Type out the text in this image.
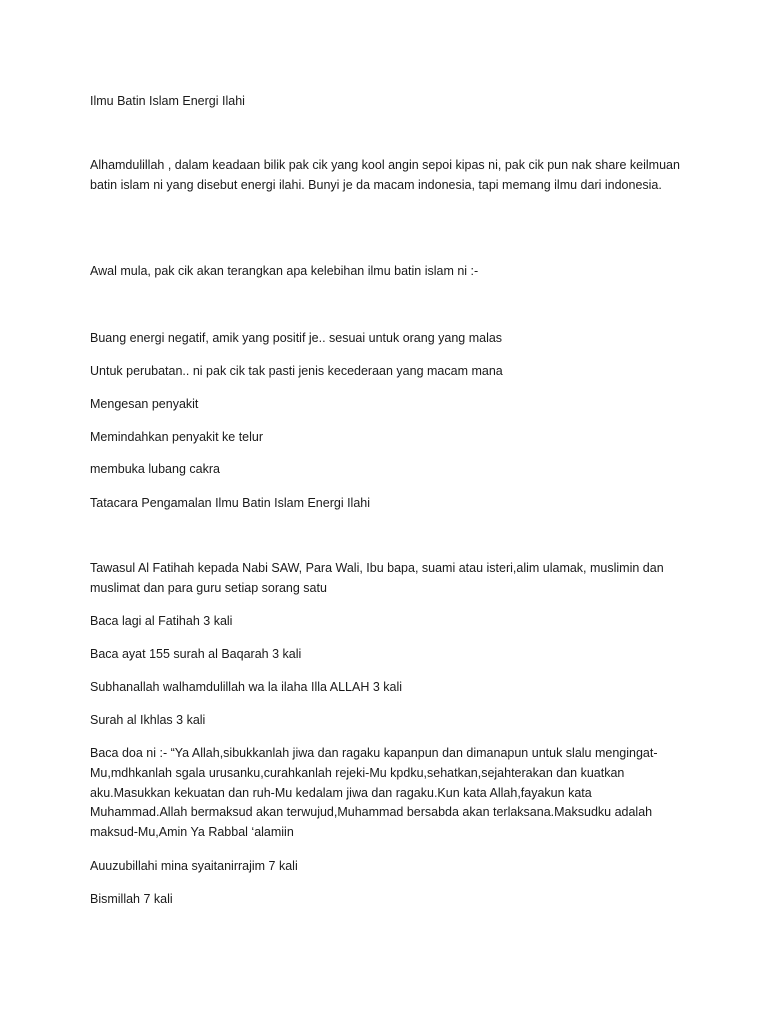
Ilmu Batin Islam Energi Ilahi

Alhamdulillah , dalam keadaan bilik pak cik yang kool angin sepoi kipas ni, pak cik pun nak share keilmuan batin islam ni yang disebut energi ilahi. Bunyi je da macam indonesia, tapi memang ilmu dari indonesia.

Awal mula, pak cik akan terangkan apa kelebihan ilmu batin islam ni :-

Buang energi negatif, amik yang positif je.. sesuai untuk orang yang malas

Untuk perubatan.. ni pak cik tak pasti jenis kecederaan yang macam mana

Mengesan penyakit

Memindahkan penyakit ke telur

membuka lubang cakra

Tatacara Pengamalan Ilmu Batin Islam Energi Ilahi

Tawasul Al Fatihah kepada Nabi SAW, Para Wali, Ibu bapa, suami atau isteri,alim ulamak, muslimin dan muslimat dan para guru setiap sorang satu

Baca lagi al Fatihah 3 kali

Baca ayat 155 surah al Baqarah 3 kali

Subhanallah walhamdulillah wa la ilaha Illa ALLAH 3 kali

Surah al Ikhlas 3 kali

Baca doa ni :- “Ya Allah,sibukkanlah jiwa dan ragaku kapanpun dan dimanapun untuk slalu mengingat-Mu,mdhkanlah sgala urusanku,curahkanlah rejeki-Mu kpdku,sehatkan,sejahterakan dan kuatkan aku.Masukkan kekuatan dan ruh-Mu kedalam jiwa dan ragaku.Kun kata Allah,fayakun kata Muhammad.Allah bermaksud akan terwujud,Muhammad bersabda akan terlaksana.Maksudku adalah maksud-Mu,Amin Ya Rabbal ‘alamiin

Auuzubillahi mina syaitanirrajim 7 kali

Bismillah 7 kali
